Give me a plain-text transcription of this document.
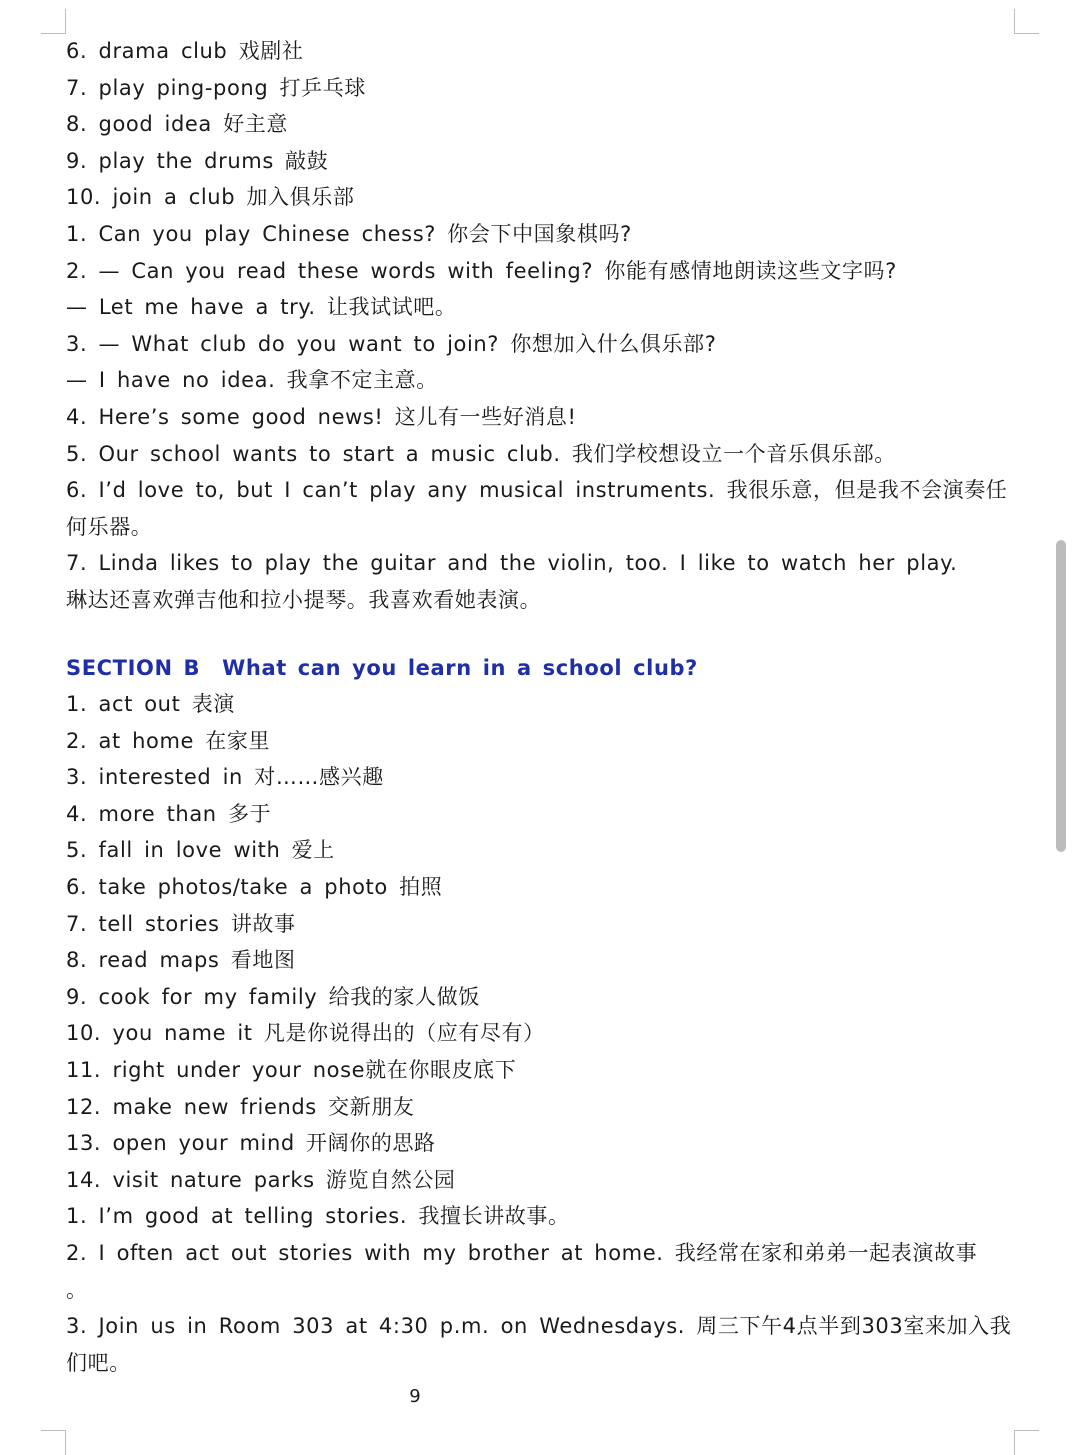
6. drama club 戏剧社
7. play ping-pong 打乒乓球
8. good idea 好主意
9. play the drums 敲鼓
10. join a club 加入俱乐部
1. Can you play Chinese chess? 你会下中国象棋吗?
2. — Can you read these words with feeling? 你能有感情地朗读这些文字吗?
— Let me have a try. 让我试试吧。
3. — What club do you want to join? 你想加入什么俱乐部?
— I have no idea. 我拿不定主意。
4. Here’s some good news! 这儿有一些好消息!
5. Our school wants to start a music club. 我们学校想设立一个音乐俱乐部。
6. I’d love to, but I can’t play any musical instruments. 我很乐意，但是我不会演奏任何乐器。
7. Linda likes to play the guitar and the violin, too. I like to watch her play.
琳达还喜欢弹吉他和拉小提琴。我喜欢看她表演。
SECTION B What can you learn in a school club?
1. act out 表演
2. at home 在家里
3. interested in 对……感兴趣
4. more than 多于
5. fall in love with 爱上
6. take photos/take a photo 拍照
7. tell stories 讲故事
8. read maps 看地图
9. cook for my family 给我的家人做饭
10. you name it 凡是你说得出的（应有尽有）
11. right under your nose就在你眼皮底下
12. make new friends 交新朋友
13. open your mind 开阔你的思路
14. visit nature parks 游览自然公园
1. I’m good at telling stories. 我擅长讲故事。
2. I often act out stories with my brother at home. 我经常在家和弟弟一起表演故事
。
3. Join us in Room 303 at 4:30 p.m. on Wednesdays. 周三下午4点半到303室来加入我们吧。
9
